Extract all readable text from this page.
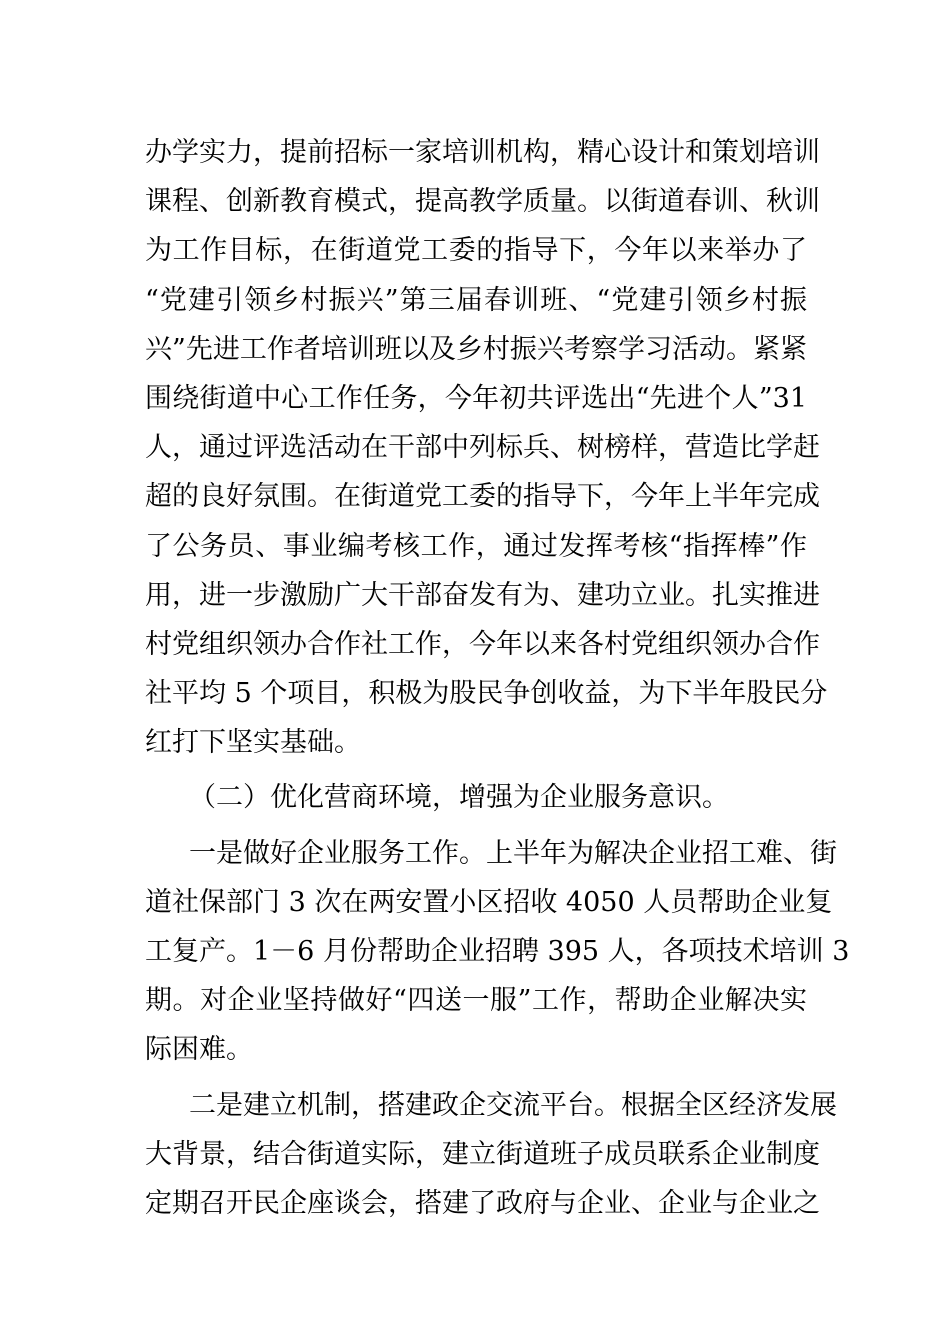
办学实力，提前招标一家培训机构，精心设计和策划培训
课程、创新教育模式，提高教学质量。以街道春训、秋训
为工作目标，在街道党工委的指导下，今年以来举办了
“党建引领乡村振兴”第三届春训班、“党建引领乡村振
兴”先进工作者培训班以及乡村振兴考察学习活动。紧紧
围绕街道中心工作任务，今年初共评选出“先进个人”31
人，通过评选活动在干部中列标兵、树榜样，营造比学赶
超的良好氛围。在街道党工委的指导下，今年上半年完成
了公务员、事业编考核工作，通过发挥考核“指挥棒”作
用，进一步激励广大干部奋发有为、建功立业。扎实推进
村党组织领办合作社工作，今年以来各村党组织领办合作
社平均 5 个项目，积极为股民争创收益，为下半年股民分
红打下坚实基础。
（二）优化营商环境，增强为企业服务意识。
一是做好企业服务工作。上半年为解决企业招工难、街
道社保部门 3 次在两安置小区招收 4050 人员帮助企业复
工复产。1－6 月份帮助企业招聘 395 人，各项技术培训 3
期。对企业坚持做好“四送一服”工作，帮助企业解决实
际困难。
二是建立机制，搭建政企交流平台。根据全区经济发展
大背景，结合街道实际，建立街道班子成员联系企业制度
定期召开民企座谈会，搭建了政府与企业、企业与企业之
